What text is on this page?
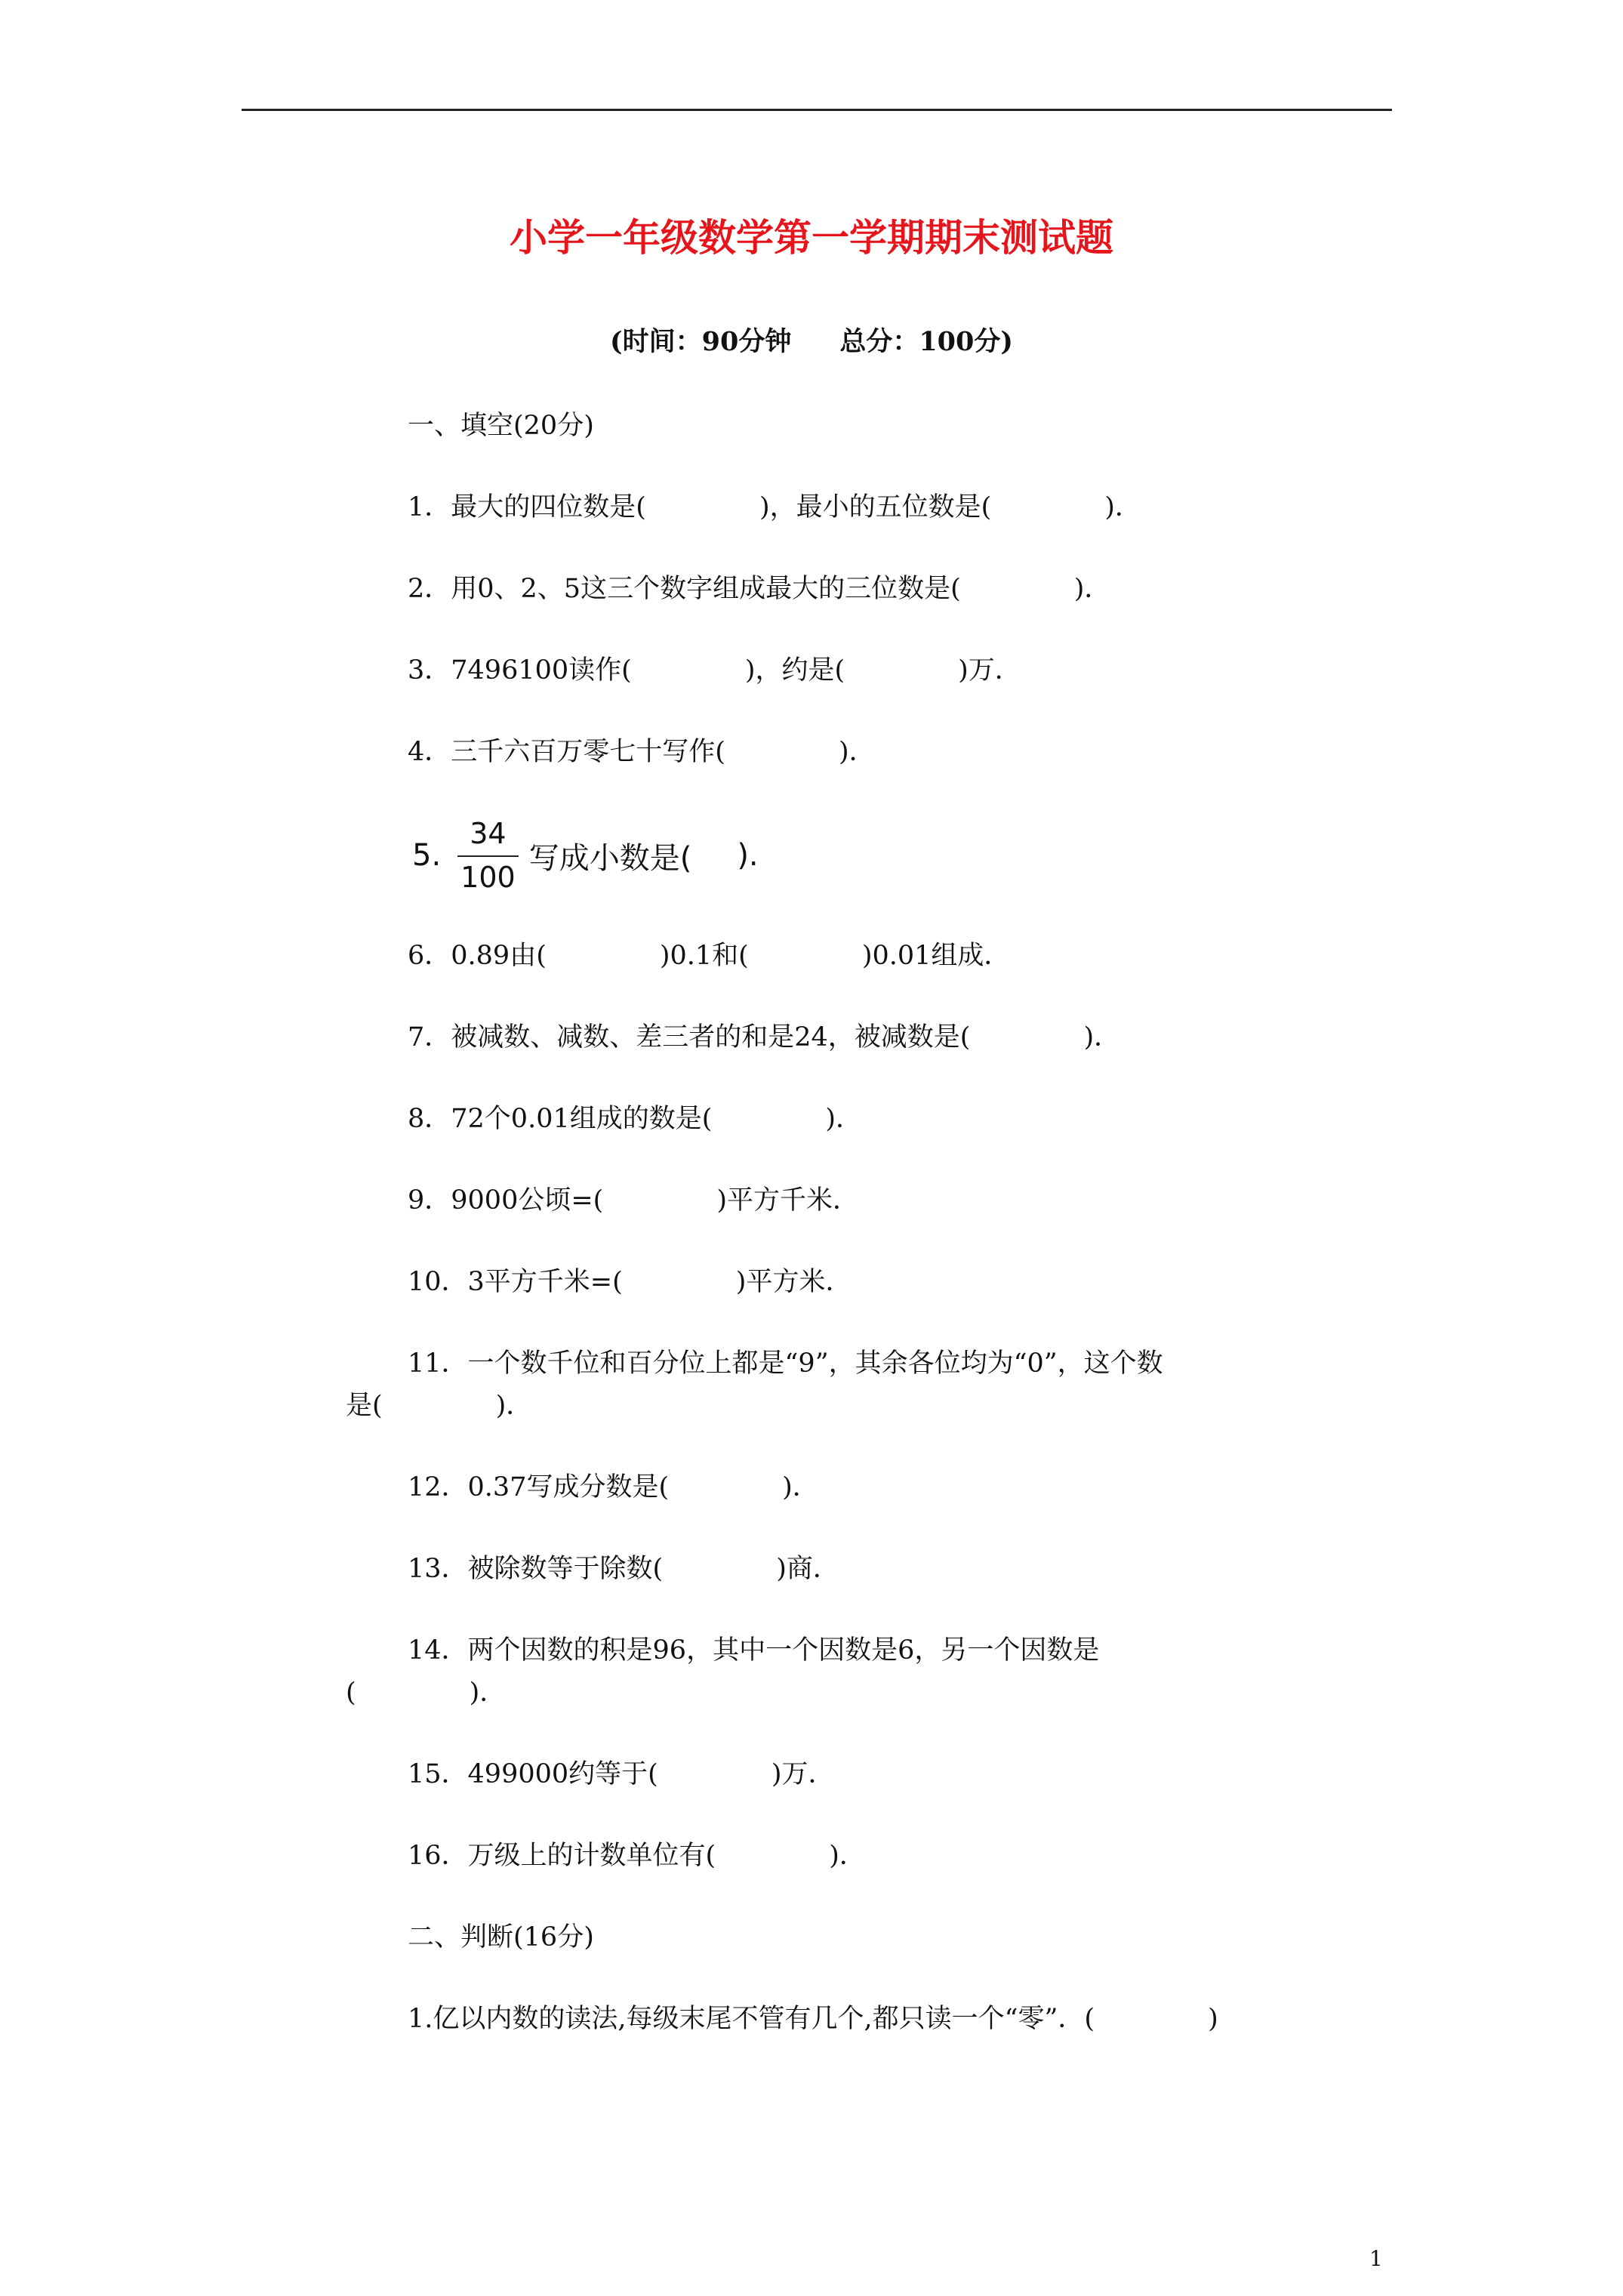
小学一年级数学第一学期期末测试题
(时间：90分钟 总分：100分)
一、填空(20分)
1．最大的四位数是(	)，最小的五位数是(	)．
2．用0、2、5这三个数字组成最大的三位数是(	)．
3．7496100读作(	)，约是(	)万．
4．三千六百万零七十写作(	)．
5. $\frac{34}{100}$ 写成小数是( ).
6．0.89由(	)0.1和(	)0.01组成．
7．被减数、减数、差三者的和是24，被减数是(	)．
8．72个0.01组成的数是(	)．
9．9000公顷=(	)平方千米．
10．3平方千米=(	)平方米．
11．一个数千位和百分位上都是“9”，其余各位均为“0”，这个数
是(	)．
12．0.37写成分数是(	)．
13．被除数等于除数(	)商．
14．两个因数的积是96，其中一个因数是6，另一个因数是
(	)．
15．499000约等于(	)万．
16．万级上的计数单位有(	)．
二、判断(16分)
1.亿以内数的读法,每级末尾不管有几个,都只读一个“零”．(	)
1
